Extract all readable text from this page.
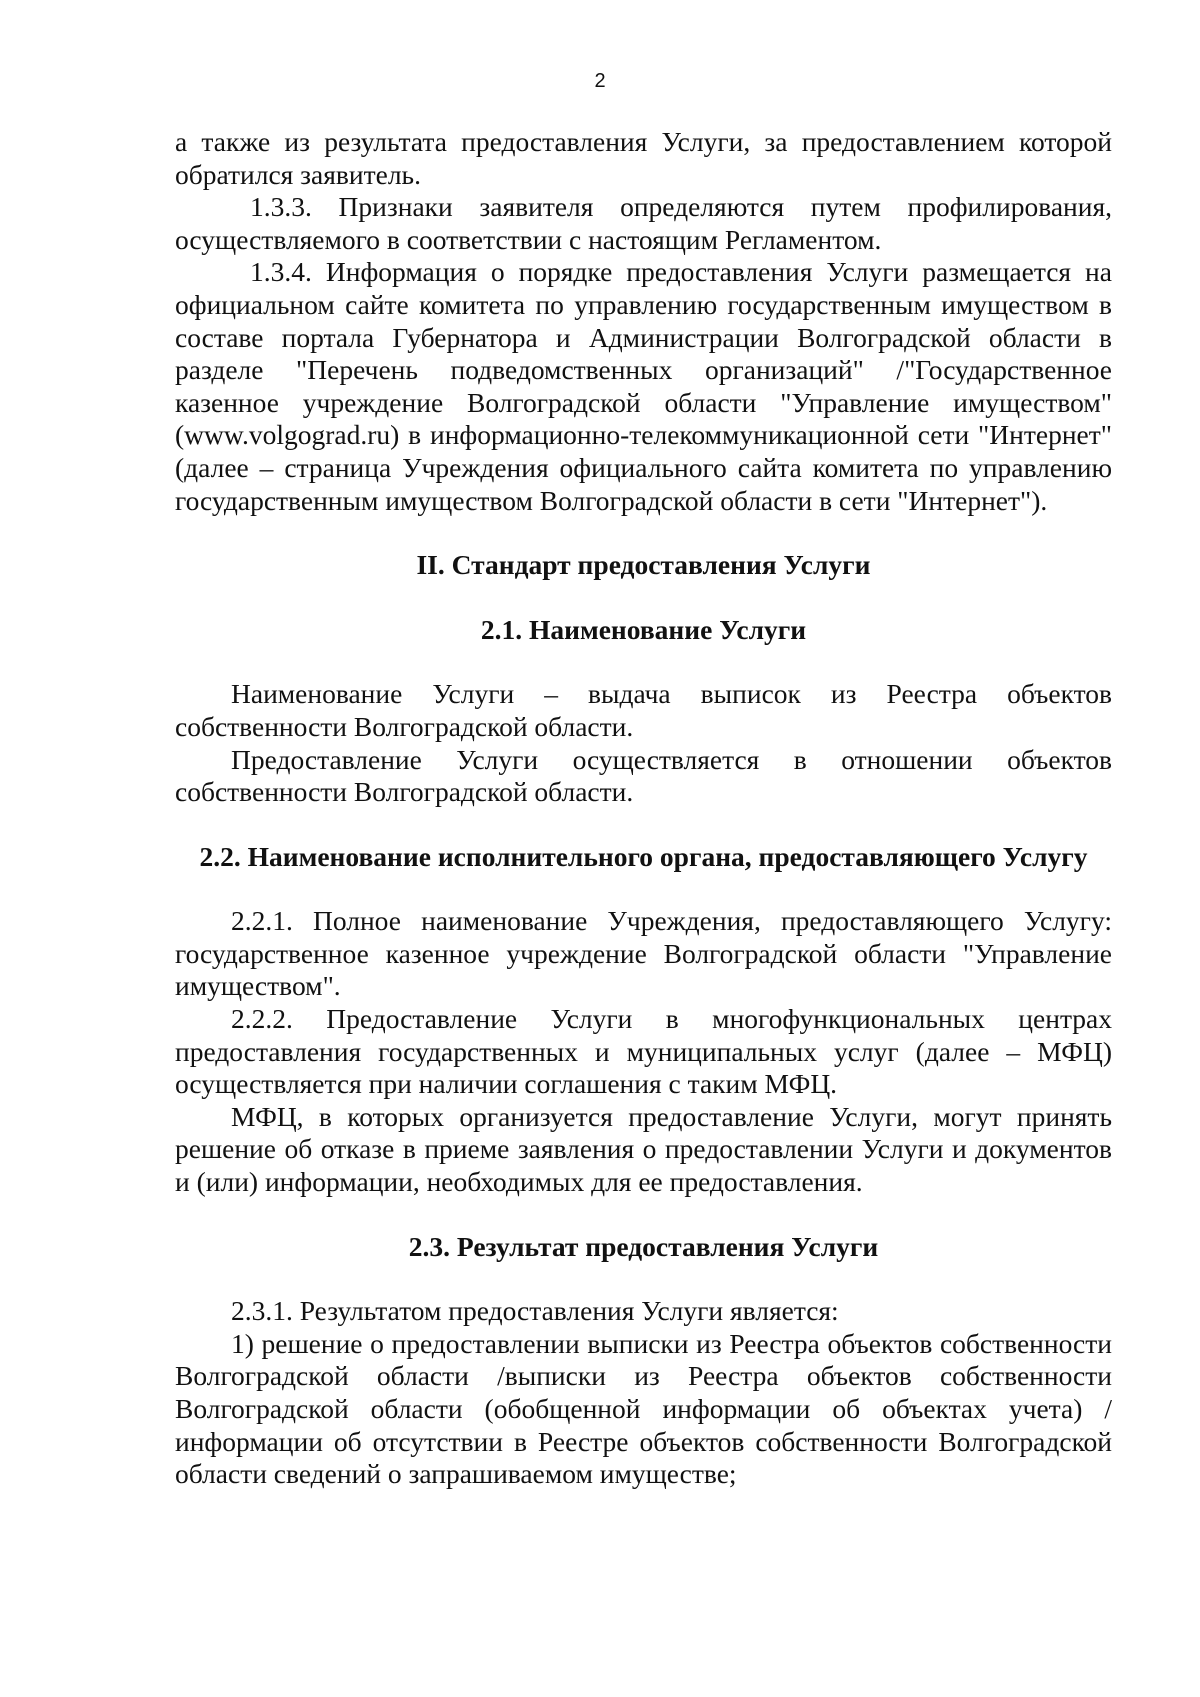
2

а также из результата предоставления Услуги, за предоставлением которой обратился заявитель.

1.3.3. Признаки заявителя определяются путем профилирования, осуществляемого в соответствии с настоящим Регламентом.

1.3.4. Информация о порядке предоставления Услуги размещается на официальном сайте комитета по управлению государственным имуществом в составе портала Губернатора и Администрации Волгоградской области в разделе "Перечень подведомственных организаций" /"Государственное казенное учреждение Волгоградской области "Управление имуществом" (www.volgograd.ru) в информационно-телекоммуникационной сети "Интернет" (далее – страница Учреждения официального сайта комитета по управлению государственным имуществом Волгоградской области в сети "Интернет").

II. Стандарт предоставления Услуги

2.1. Наименование Услуги

Наименование Услуги – выдача выписок из Реестра объектов собственности Волгоградской области.

Предоставление Услуги осуществляется в отношении объектов собственности Волгоградской области.

2.2. Наименование исполнительного органа, предоставляющего Услугу

2.2.1. Полное наименование Учреждения, предоставляющего Услугу: государственное казенное учреждение Волгоградской области "Управление имуществом".

2.2.2. Предоставление Услуги в многофункциональных центрах предоставления государственных и муниципальных услуг (далее – МФЦ) осуществляется при наличии соглашения с таким МФЦ.

МФЦ, в которых организуется предоставление Услуги, могут принять решение об отказе в приеме заявления о предоставлении Услуги и документов и (или) информации, необходимых для ее предоставления.

2.3. Результат предоставления Услуги

2.3.1. Результатом предоставления Услуги является:

1) решение о предоставлении выписки из Реестра объектов собственности Волгоградской области /выписки из Реестра объектов собственности Волгоградской области (обобщенной информации об объектах учета) /информации об отсутствии в Реестре объектов собственности Волгоградской области сведений о запрашиваемом имуществе;
